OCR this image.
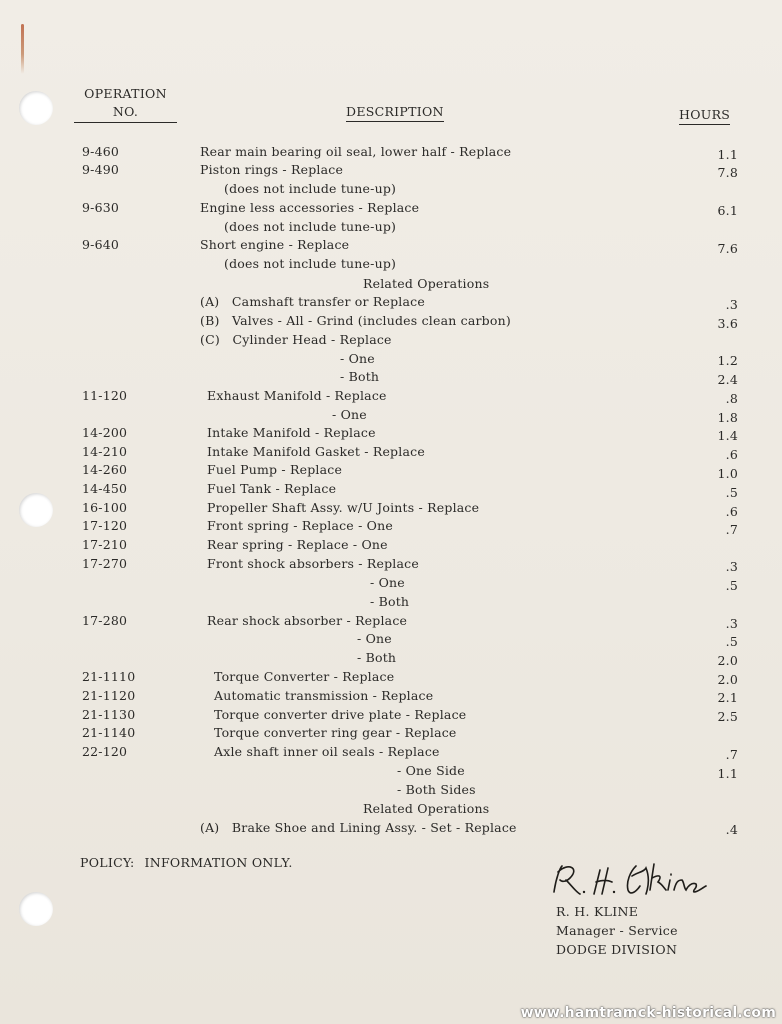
OPERATION

NO.	DESCRIPTION	HOURS
9-460	Rear main bearing oil seal, lower half - Replace	1.1
9-490	Piston rings - Replace	7.8
(does not include tune-up)
9-630	Engine less accessories - Replace	6.1
(does not include tune-up)
9-640	Short engine - Replace	7.6
(does not include tune-up)
Related Operations
(A)   Camshaft transfer or Replace	.3
(B)   Valves - All - Grind (includes clean carbon)	3.6
(C)   Cylinder Head - Replace
- One	1.2
- Both	2.4
11-120	Exhaust Manifold - Replace	.8
- One	1.8
14-200	Intake Manifold - Replace	1.4
14-210	Intake Manifold Gasket - Replace	.6
14-260	Fuel Pump - Replace	1.0
14-450	Fuel Tank - Replace	.5
16-100	Propeller Shaft Assy. w/U Joints - Replace	.6
17-120	Front spring - Replace - One	.7
17-210	Rear spring - Replace - One
17-270	Front shock absorbers - Replace	.3
- One	.5
- Both
17-280	Rear shock absorber - Replace	.3
- One	.5
- Both	2.0
21-1110	Torque Converter - Replace	2.0
21-1120	Automatic transmission - Replace	2.1
21-1130	Torque converter drive plate - Replace	2.5
21-1140	Torque converter ring gear - Replace
22-120	Axle shaft inner oil seals - Replace	.7
- One Side	1.1
- Both Sides
Related Operations
(A)   Brake Shoe and Lining Assy. - Set - Replace	.4
POLICY: INFORMATION ONLY.
R. H. KLINE
Manager - Service
DODGE DIVISION
www.hamtramck-historical.com
